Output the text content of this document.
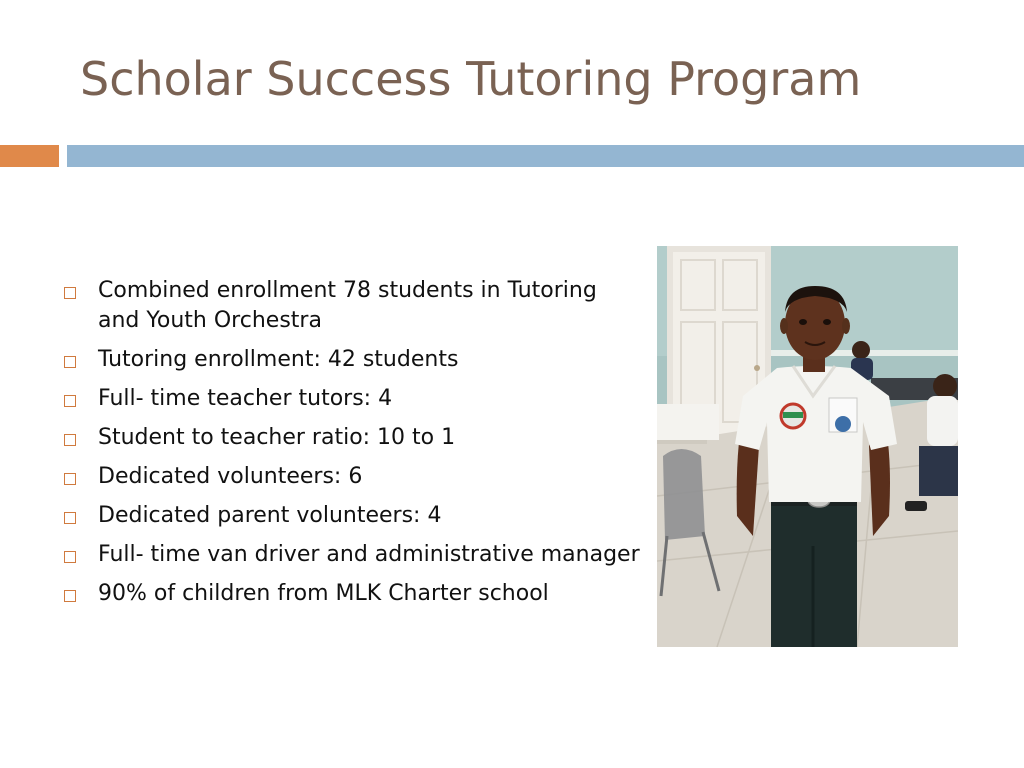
Scholar Success Tutoring Program
Combined enrollment 78 students in Tutoring and Youth Orchestra
Tutoring enrollment: 42 students
Full- time teacher tutors: 4
Student to teacher ratio: 10 to 1
Dedicated volunteers: 6
Dedicated parent volunteers: 4
Full- time van driver and administrative manager
90% of children from MLK Charter school
